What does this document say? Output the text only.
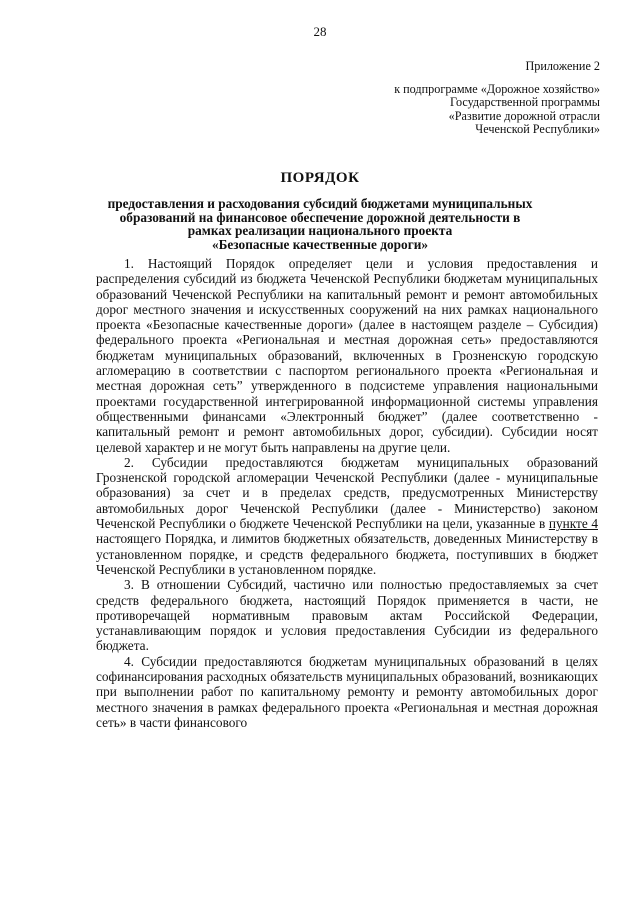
28
Приложение 2
к подпрограмме «Дорожное хозяйство»
Государственной программы
«Развитие дорожной отрасли
Чеченской Республики»
ПОРЯДОК
предоставления и расходования субсидий бюджетами муниципальных
образований на финансовое обеспечение дорожной деятельности в
рамках реализации национального проекта
«Безопасные качественные дороги»

1. Настоящий Порядок определяет цели и условия предоставления и распределения субсидий из бюджета Чеченской Республики бюджетам муниципальных образований Чеченской Республики на капитальный ремонт и ремонт автомобильных дорог местного значения и искусственных сооружений на них рамках национального проекта «Безопасные качественные дороги» (далее в настоящем разделе – Субсидия) федерального проекта «Региональная и местная дорожная сеть» предоставляются бюджетам муниципальных образований, включенных в Грозненскую городскую агломерацию в соответствии с паспортом регионального проекта «Региональная и местная дорожная сеть” утвержденного в подсистеме управления национальными проектами государственной интегрированной информационной системы управления общественными финансами «Электронный бюджет” (далее соответственно - капитальный ремонт и ремонт автомобильных дорог, субсидии). Субсидии носят целевой характер и не могут быть направлены на другие цели.

2. Субсидии предоставляются бюджетам муниципальных образований Грозненской городской агломерации Чеченской Республики (далее - муниципальные образования) за счет и в пределах средств, предусмотренных Министерству автомобильных дорог Чеченской Республики (далее - Министерство) законом Чеченской Республики о бюджете Чеченской Республики на цели, указанные в пункте 4 настоящего Порядка, и лимитов бюджетных обязательств, доведенных Министерству в установленном порядке, и средств федерального бюджета, поступивших в бюджет Чеченской Республики в установленном порядке.

3. В отношении Субсидий, частично или полностью предоставляемых за счет средств федерального бюджета, настоящий Порядок применяется в части, не противоречащей нормативным правовым актам Российской Федерации, устанавливающим порядок и условия предоставления Субсидии из федерального бюджета.

4. Субсидии предоставляются бюджетам муниципальных образований в целях софинансирования расходных обязательств муниципальных образований, возникающих при выполнении работ по капитальному ремонту и ремонту автомобильных дорог местного значения в рамках федерального проекта «Региональная и местная дорожная сеть» в части финансового
